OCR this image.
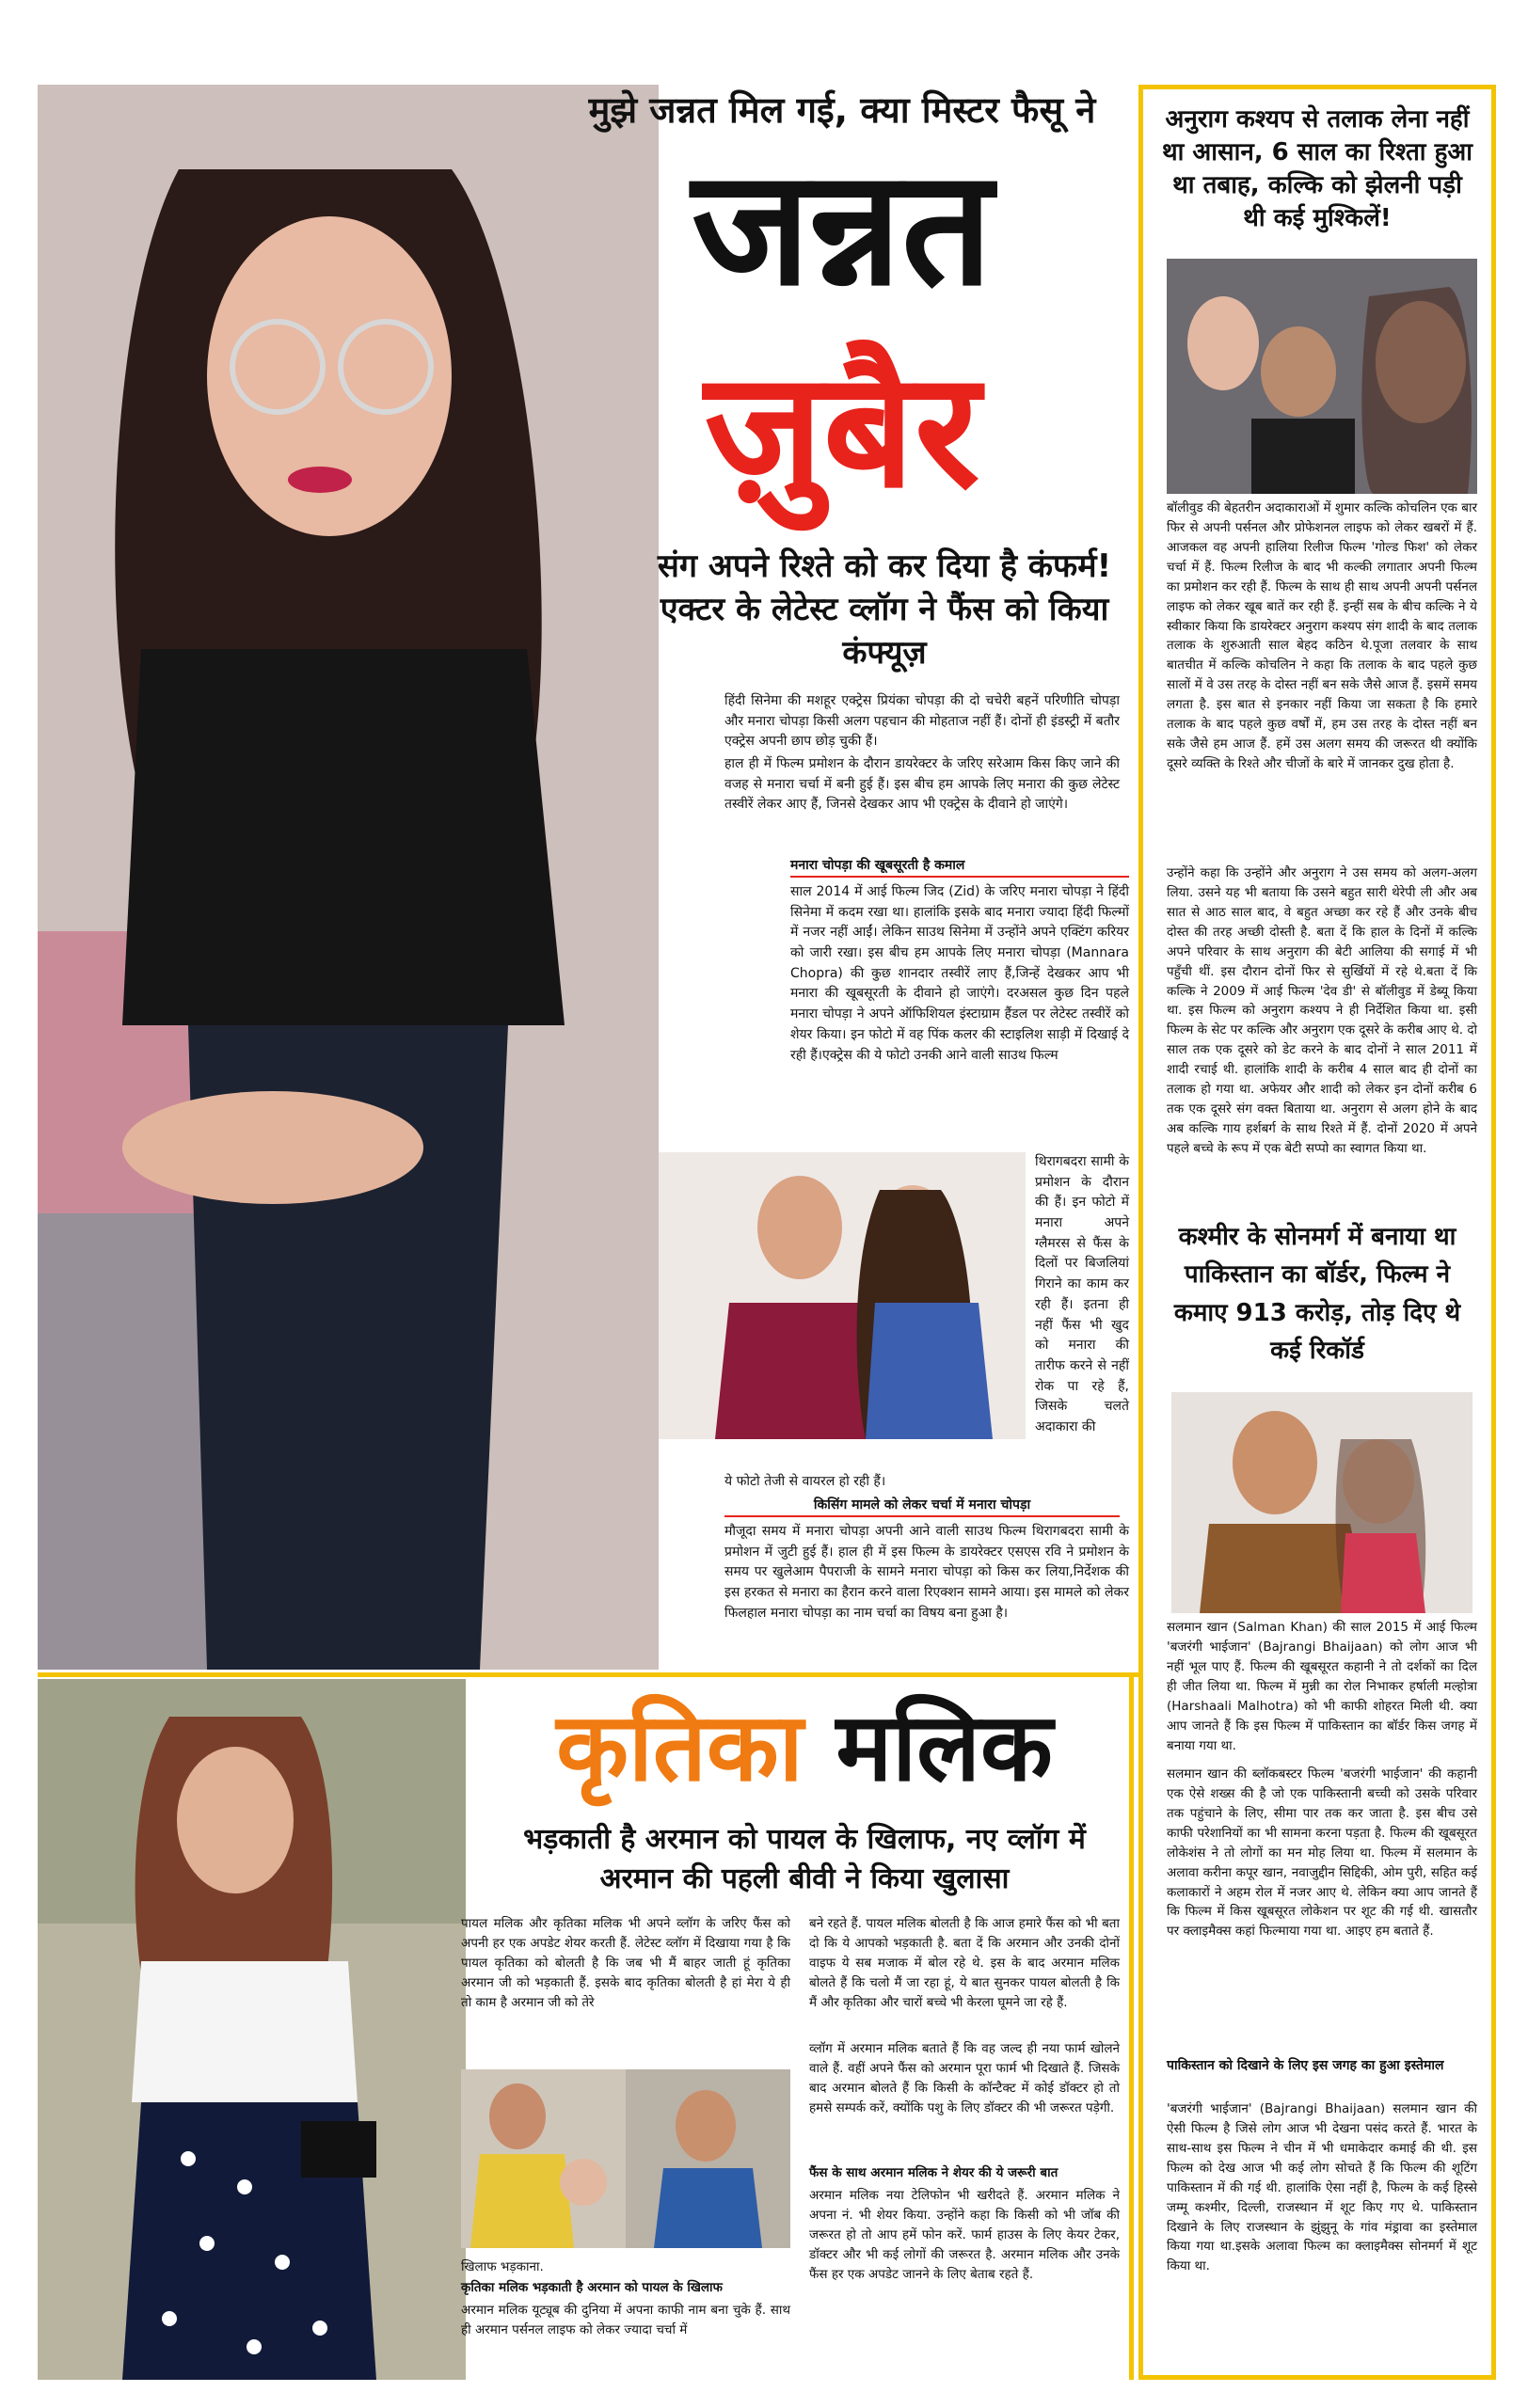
मुझे जन्नत मिल गई, क्या मिस्टर फैसू ने
जन्नत
ज़ुबैर
संग अपने रिश्ते को कर दिया है कंफर्म! एक्टर के लेटेस्ट व्लॉग ने फैंस को किया कंफ्यूज़

हिंदी सिनेमा की मशहूर एक्ट्रेस प्रियंका चोपड़ा की दो चचेरी बहनें परिणीति चोपड़ा और मनारा चोपड़ा किसी अलग पहचान की मोहताज नहीं हैं। दोनों ही इंडस्ट्री में बतौर एक्ट्रेस अपनी छाप छोड़ चुकी हैं।

हाल ही में फिल्म प्रमोशन के दौरान डायरेक्टर के जरिए सरेआम किस किए जाने की वजह से मनारा चर्चा में बनी हुई हैं। इस बीच हम आपके लिए मनारा की कुछ लेटेस्ट तस्वीरें लेकर आए हैं, जिनसे देखकर आप भी एक्ट्रेस के दीवाने हो जाएंगे।

मनारा चोपड़ा की खूबसूरती है कमाल
साल 2014 में आई फिल्म जिद (Zid) के जरिए मनारा चोपड़ा ने हिंदी सिनेमा में कदम रखा था। हालांकि इसके बाद मनारा ज्यादा हिंदी फिल्मों में नजर नहीं आईं। लेकिन साउथ सिनेमा में उन्होंने अपने एक्टिंग करियर को जारी रखा। इस बीच हम आपके लिए मनारा चोपड़ा (Mannara Chopra) की कुछ शानदार तस्वीरें लाए हैं,जिन्हें देखकर आप भी मनारा की खूबसूरती के दीवाने हो जाएंगे। दरअसल कुछ दिन पहले मनारा चोपड़ा ने अपने ऑफिशियल इंस्टाग्राम हैंडल पर लेटेस्ट तस्वीरें को शेयर किया। इन फोटो में वह पिंक कलर की स्टाइलिश साड़ी में दिखाई दे रही हैं।एक्ट्रेस की ये फोटो उनकी आने वाली साउथ फिल्म
थिरागबदरा सामी के प्रमोशन के दौरान की हैं। इन फोटो में मनारा अपने ग्लैमरस से फैंस के दिलों पर बिजलियां गिराने का काम कर रही हैं। इतना ही नहीं फैंस भी खुद को मनारा की तारीफ करने से नहीं रोक पा रहे हैं, जिसके चलते अदाकारा की
ये फोटो तेजी से वायरल हो रही हैं।
किसिंग मामले को लेकर चर्चा में मनारा चोपड़ा
मौजूदा समय में मनारा चोपड़ा अपनी आने वाली साउथ फिल्म थिरागबदरा सामी के प्रमोशन में जुटी हुई हैं। हाल ही में इस फिल्म के डायरेक्टर एसएस रवि ने प्रमोशन के समय पर खुलेआम पैपराजी के सामने मनारा चोपड़ा को किस कर लिया,निर्देशक की इस हरकत से मनारा का हैरान करने वाला रिएक्शन सामने आया। इस मामले को लेकर फिलहाल मनारा चोपड़ा का नाम चर्चा का विषय बना हुआ है।
अनुराग कश्यप से तलाक लेना नहीं था आसान, 6 साल का रिश्ता हुआ था तबाह, कल्कि को झेलनी पड़ी थी कई मुश्किलें!
बॉलीवुड की बेहतरीन अदाकाराओं में शुमार कल्कि कोचलिन एक बार फिर से अपनी पर्सनल और प्रोफेशनल लाइफ को लेकर खबरों में हैं. आजकल वह अपनी हालिया रिलीज फिल्म 'गोल्ड फिश' को लेकर चर्चा में हैं. फिल्म रिलीज के बाद भी कल्की लगातार अपनी फिल्म का प्रमोशन कर रही हैं. फिल्म के साथ ही साथ अपनी अपनी पर्सनल लाइफ को लेकर खूब बातें कर रही हैं. इन्हीं सब के बीच कल्कि ने ये स्वीकार किया कि डायरेक्टर अनुराग कश्यप संग शादी के बाद तलाक तलाक के शुरुआती साल बेहद कठिन थे.पूजा तलवार के साथ बातचीत में कल्कि कोचलिन ने कहा कि तलाक के बाद पहले कुछ सालों में वे उस तरह के दोस्त नहीं बन सके जैसे आज हैं. इसमें समय लगता है. इस बात से इनकार नहीं किया जा सकता है कि हमारे तलाक के बाद पहले कुछ वर्षों में, हम उस तरह के दोस्त नहीं बन सके जैसे हम आज हैं. हमें उस अलग समय की जरूरत थी क्योंकि दूसरे व्यक्ति के रिश्ते और चीजों के बारे में जानकर दुख होता है.
उन्होंने कहा कि उन्होंने और अनुराग ने उस समय को अलग-अलग लिया. उसने यह भी बताया कि उसने बहुत सारी थेरेपी ली और अब सात से आठ साल बाद, वे बहुत अच्छा कर रहे हैं और उनके बीच दोस्त की तरह अच्छी दोस्ती है. बता दें कि हाल के दिनों में कल्कि अपने परिवार के साथ अनुराग की बेटी आलिया की सगाई में भी पहुँची थीं. इस दौरान दोनों फिर से सुर्खियों में रहे थे.बता दें कि कल्कि ने 2009 में आई फिल्म 'देव डी' से बॉलीवुड में डेब्यू किया था. इस फिल्म को अनुराग कश्यप ने ही निर्देशित किया था. इसी फिल्म के सेट पर कल्कि और अनुराग एक दूसरे के करीब आए थे. दो साल तक एक दूसरे को डेट करने के बाद दोनों ने साल 2011 में शादी रचाई थी. हालांकि शादी के करीब 4 साल बाद ही दोनों का तलाक हो गया था. अफेयर और शादी को लेकर इन दोनों करीब 6 तक एक दूसरे संग वक्त बिताया था. अनुराग से अलग होने के बाद अब कल्कि गाय हर्शबर्ग के साथ रिश्ते में हैं. दोनों 2020 में अपने पहले बच्चे के रूप में एक बेटी सप्पो का स्वागत किया था.
कश्मीर के सोनमर्ग में बनाया था पाकिस्तान का बॉर्डर, फिल्म ने कमाए 913 करोड़, तोड़ दिए थे कई रिकॉर्ड
सलमान खान (Salman Khan) की साल 2015 में आई फिल्म 'बजरंगी भाईजान' (Bajrangi Bhaijaan) को लोग आज भी नहीं भूल पाए हैं. फिल्म की खूबसूरत कहानी ने तो दर्शकों का दिल ही जीत लिया था. फिल्म में मुन्नी का रोल निभाकर हर्षाली मल्होत्रा (Harshaali Malhotra) को भी काफी शोहरत मिली थी. क्या आप जानते हैं कि इस फिल्म में पाकिस्तान का बॉर्डर किस जगह में बनाया गया था.
सलमान खान की ब्लॉकबस्टर फिल्म 'बजरंगी भाईजान' की कहानी एक ऐसे शख्स की है जो एक पाकिस्तानी बच्ची को उसके परिवार तक पहुंचाने के लिए, सीमा पार तक कर जाता है. इस बीच उसे काफी परेशानियों का भी सामना करना पड़ता है. फिल्म की खूबसूरत लोकेशंस ने तो लोगों का मन मोह लिया था. फिल्म में सलमान के अलावा करीना कपूर खान, नवाजुद्दीन सिद्दिकी, ओम पुरी, सहित कई कलाकारों ने अहम रोल में नजर आए थे. लेकिन क्या आप जानते हैं कि फिल्म में किस खूबसूरत लोकेशन पर शूट की गई थी. खासतौर पर क्लाइमैक्स कहां फिल्माया गया था. आइए हम बताते हैं.
पाकिस्तान को दिखाने के लिए इस जगह का हुआ इस्तेमाल
'बजरंगी भाईजान' (Bajrangi Bhaijaan) सलमान खान की ऐसी फिल्म है जिसे लोग आज भी देखना पसंद करते हैं. भारत के साथ-साथ इस फिल्म ने चीन में भी धमाकेदार कमाई की थी. इस फिल्म को देख आज भी कई लोग सोचते हैं कि फिल्म की शूटिंग पाकिस्तान में की गई थी. हालांकि ऐसा नहीं है, फिल्म के कई हिस्से जम्मू कश्मीर, दिल्ली, राजस्थान में शूट किए गए थे. पाकिस्तान दिखाने के लिए राजस्थान के झुंझुनू के गांव मंड्रावा का इस्तेमाल किया गया था.इसके अलावा फिल्म का क्लाइमैक्स सोनमर्ग में शूट किया था.
कृतिका मलिक
भड़काती है अरमान को पायल के खिलाफ, नए व्लॉग में अरमान की पहली बीवी ने किया खुलासा
पायल मलिक और कृतिका मलिक भी अपने व्लॉग के जरिए फैंस को अपनी हर एक अपडेट शेयर करती हैं. लेटेस्ट व्लॉग में दिखाया गया है कि पायल कृतिका को बोलती है कि जब भी मैं बाहर जाती हूं कृतिका अरमान जी को भड़काती हैं. इसके बाद कृतिका बोलती है हां मेरा ये ही तो काम है अरमान जी को तेरे
खिलाफ भड़काना.
कृतिका मलिक भड़काती है अरमान को पायल के खिलाफ
अरमान मलिक यूट्यूब की दुनिया में अपना काफी नाम बना चुके हैं. साथ ही अरमान पर्सनल लाइफ को लेकर ज्यादा चर्चा में
बने रहते हैं. पायल मलिक बोलती है कि आज हमारे फैंस को भी बता दो कि ये आपको भड़काती है. बता दें कि अरमान और उनकी दोनों वाइफ ये सब मजाक में बोल रहे थे. इस के बाद अरमान मलिक बोलते हैं कि चलो मैं जा रहा हूं, ये बात सुनकर पायल बोलती है कि मैं और कृतिका और चारों बच्चे भी केरला घूमने जा रहे हैं.
व्लॉग में अरमान मलिक बताते हैं कि वह जल्द ही नया फार्म खोलने वाले हैं. वहीं अपने फैंस को अरमान पूरा फार्म भी दिखाते हैं. जिसके बाद अरमान बोलते हैं कि किसी के कॉन्टैक्ट में कोई डॉक्टर हो तो हमसे सम्पर्क करें, क्योंकि पशु के लिए डॉक्टर की भी जरूरत पड़ेगी.
फैंस के साथ अरमान मलिक ने शेयर की ये जरूरी बात
अरमान मलिक नया टेलिफोन भी खरीदते हैं. अरमान मलिक ने अपना नं. भी शेयर किया. उन्होंने कहा कि किसी को भी जॉब की जरूरत हो तो आप हमें फोन करें. फार्म हाउस के लिए केयर टेकर, डॉक्टर और भी कई लोगों की जरूरत है. अरमान मलिक और उनके फैंस हर एक अपडेट जानने के लिए बेताब रहते हैं.
